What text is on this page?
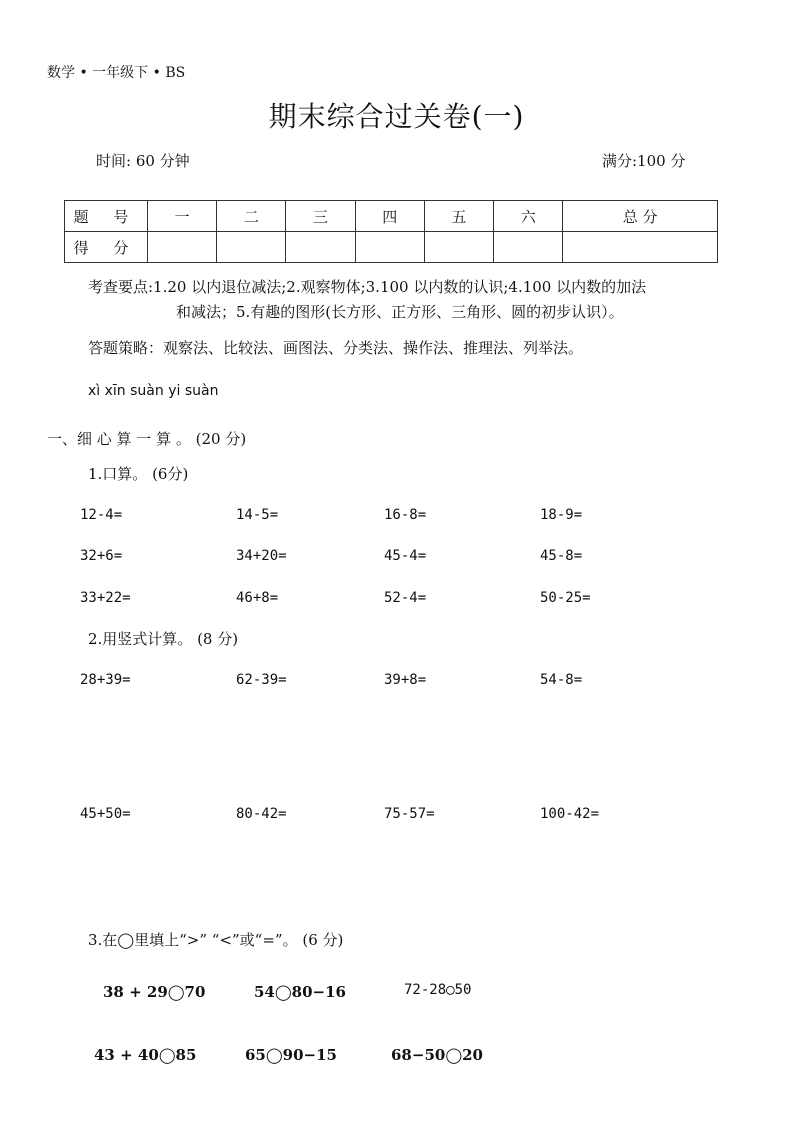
数学 • 一年级下 • BS
期末综合过关卷(一)
时间: 60 分钟	满分:100 分
题 号	一	二	三	四	五	六	总 分
得 分							
考查要点:1.20 以内退位减法;2.观察物体;3.100 以内数的认识;4.100 以内数的加法
和减法；5.有趣的图形(长方形、正方形、三角形、圆的初步认识）。
答题策略：观察法、比较法、画图法、分类法、操作法、推理法、列举法。
xì xīn suàn yi suàn
一、细 心 算 一 算 。 (20 分)
1.口算。 (6分)
12-4=	14-5=	16-8=	18-9=
32+6=	34+20=	45-4=	45-8=
33+22=	46+8=	52-4=	50-25=
2.用竖式计算。 (8 分)
28+39=	62-39=	39+8=	54-8=
45+50=	80-42=	75-57=	100-42=
3.在◯里填上“>” “<”或“=”。 (6 分)
38 + 29◯70	54◯80−16	72-28◯50
43 + 40◯85	65◯90−15	68−50◯20
